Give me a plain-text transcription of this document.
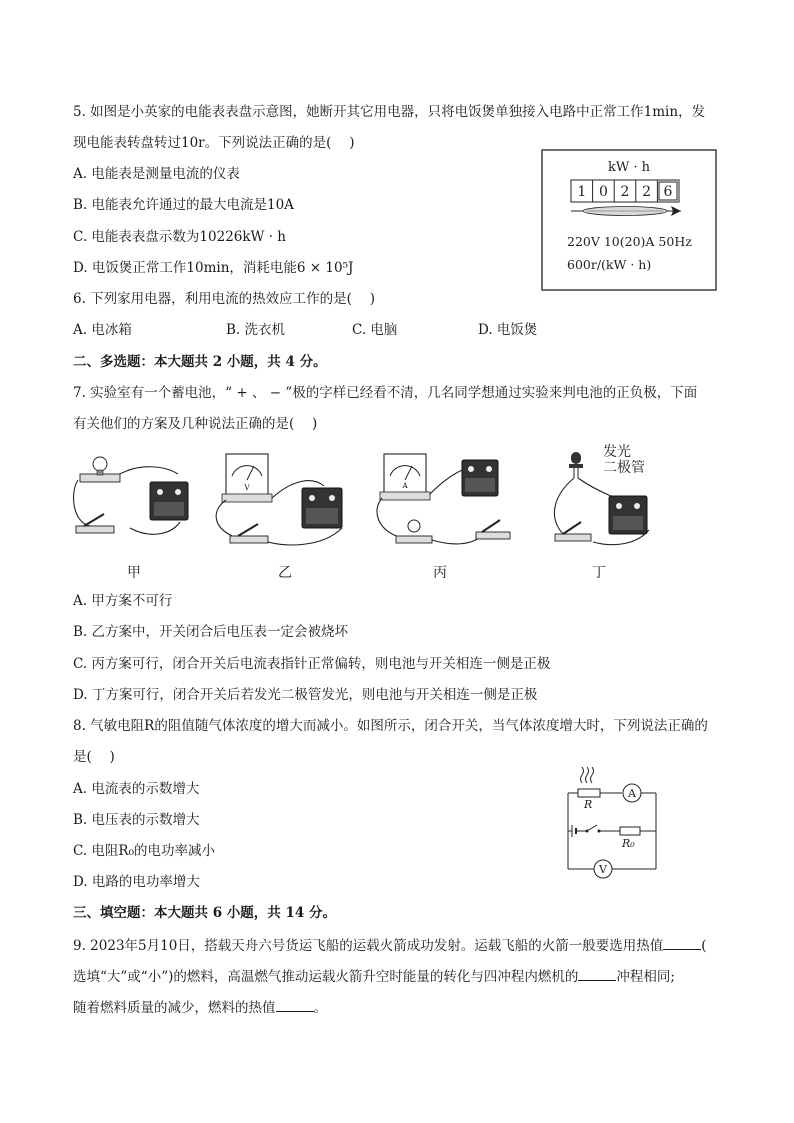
5. 如图是小英家的电能表表盘示意图，她断开其它用电器，只将电饭煲单独接入电路中正常工作1min，发
现电能表转盘转过10r。下列说法正确的是(　 )
A. 电能表是测量电流的仪表
B. 电能表允许通过的最大电流是10A
C. 电能表表盘示数为10226kW · h
D. 电饭煲正常工作10min，消耗电能6 × 10⁵J
kW · h
1 0 2 2 6
220V 10(20)A 50Hz
600r/(kW · h)
6. 下列家用电器，利用电流的热效应工作的是(　 )
A. 电冰箱	B. 洗衣机	C. 电脑	D. 电饭煲
二、多选题：本大题共 2 小题，共 4 分。
7. 实验室有一个蓄电池，“ + 、 − ”极的字样已经看不清，几名同学想通过实验来判电池的正负极，下面
有关他们的方案及几种说法正确的是(　 )
甲
V
乙
A
丙
发光
二极管
丁
A. 甲方案不可行
B. 乙方案中，开关闭合后电压表一定会被烧坏
C. 丙方案可行，闭合开关后电流表指针正常偏转，则电池与开关相连一侧是正极
D. 丁方案可行，闭合开关后若发光二极管发光，则电池与开关相连一侧是正极
8. 气敏电阻R的阻值随气体浓度的增大而减小。如图所示，闭合开关，当气体浓度增大时，下列说法正确的
是(　 )
A. 电流表的示数增大
B. 电压表的示数增大
C. 电阻R₀的电功率减小
D. 电路的电功率增大
R
A
R₀
V
三、填空题：本大题共 6 小题，共 14 分。
9. 2023年5月10日，搭载天舟六号货运飞船的运载火箭成功发射。运载飞船的火箭一般要选用热值	(
选填“大”或“小”)的燃料，高温燃气推动运载火箭升空时能量的转化与四冲程内燃机的	冲程相同;
随着燃料质量的减少，燃料的热值	。
